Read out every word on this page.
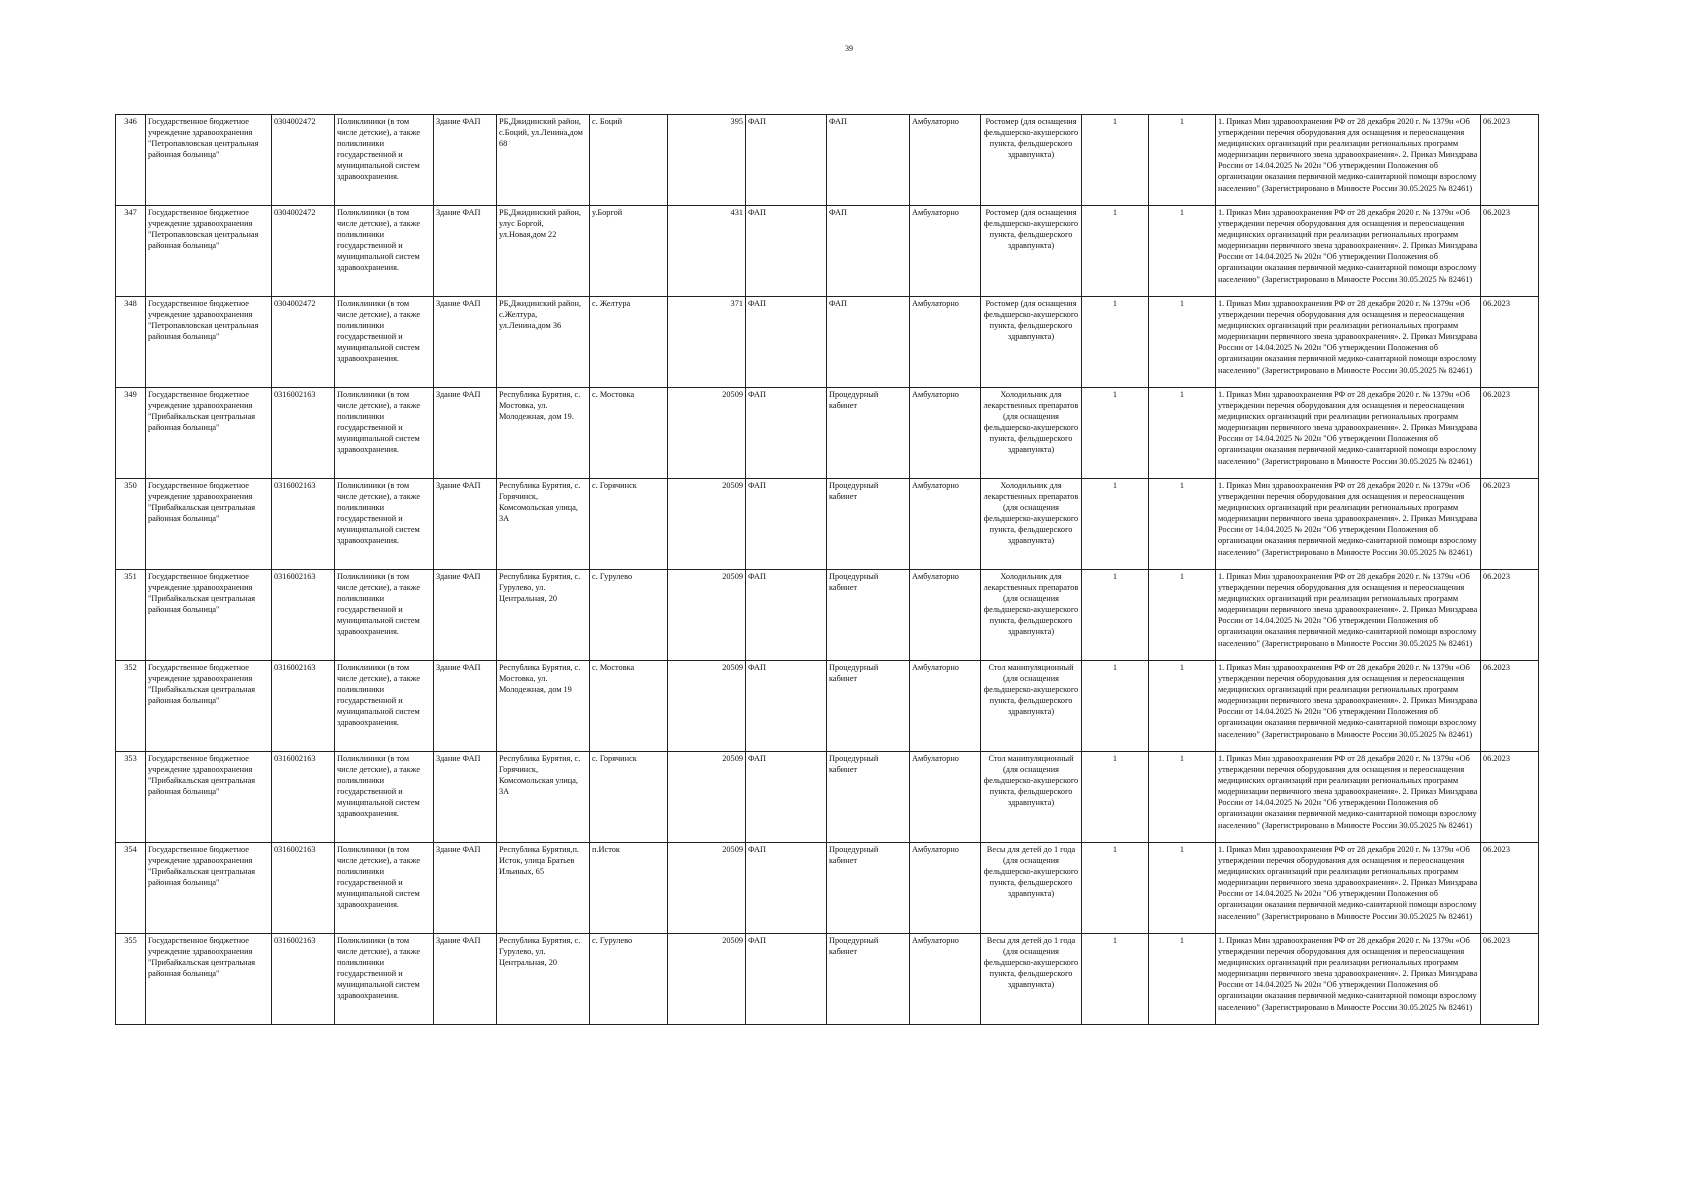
39
346	Государственное бюджетное учреждение здравоохранения "Петропавловская центральная районная больница"	0304002472	Поликлиники (в том числе детские), а также поликлиники государственной и муниципальной систем здравоохранения.	Здание ФАП	РБ,Джидинский район, с.Боций, ул.Ленина,дом 68	с. Боций	395	ФАП	ФАП	Амбулаторно	Ростомер (для оснащения фельдшерско-акушерского пункта, фельдшерского здравпункта)	1	1	1. Приказ Мин здравоохранения РФ от 28 декабря 2020 г. № 1379н «Об утверждении перечня оборудования для оснащения и переоснащения медицинских организаций при реализации региональных программ модернизации первичного звена здравоохранения». 2. Приказ Минздрава России от 14.04.2025 № 202н "Об утверждении Положения об организации оказания первичной медико-санитарной помощи взрослому населению" (Зарегистрировано в Минюсте России 30.05.2025 № 82461)	06.2023
347	Государственное бюджетное учреждение здравоохранения "Петропавловская центральная районная больница"	0304002472	Поликлиники (в том числе детские), а также поликлиники государственной и муниципальной систем здравоохранения.	Здание ФАП	РБ,Джидинский район, улус Боргой, ул.Новая,дом 22	у.Боргой	431	ФАП	ФАП	Амбулаторно	Ростомер (для оснащения фельдшерско-акушерского пункта, фельдшерского здравпункта)	1	1	1. Приказ Мин здравоохранения РФ от 28 декабря 2020 г. № 1379н «Об утверждении перечня оборудования для оснащения и переоснащения медицинских организаций при реализации региональных программ модернизации первичного звена здравоохранения». 2. Приказ Минздрава России от 14.04.2025 № 202н "Об утверждении Положения об организации оказания первичной медико-санитарной помощи взрослому населению" (Зарегистрировано в Минюсте России 30.05.2025 № 82461)	06.2023
348	Государственное бюджетное учреждение здравоохранения "Петропавловская центральная районная больница"	0304002472	Поликлиники (в том числе детские), а также поликлиники государственной и муниципальной систем здравоохранения.	Здание ФАП	РБ,Джидинский район, с.Желтура, ул.Ленина,дом 36	с. Желтура	371	ФАП	ФАП	Амбулаторно	Ростомер (для оснащения фельдшерско-акушерского пункта, фельдшерского здравпункта)	1	1	1. Приказ Мин здравоохранения РФ от 28 декабря 2020 г. № 1379н «Об утверждении перечня оборудования для оснащения и переоснащения медицинских организаций при реализации региональных программ модернизации первичного звена здравоохранения». 2. Приказ Минздрава России от 14.04.2025 № 202н "Об утверждении Положения об организации оказания первичной медико-санитарной помощи взрослому населению" (Зарегистрировано в Минюсте России 30.05.2025 № 82461)	06.2023
349	Государственное бюджетное учреждение здравоохранения "Прибайкальская центральная районная больница"	0316002163	Поликлиники (в том числе детские), а также поликлиники государственной и муниципальной систем здравоохранения.	Здание ФАП	Республика Бурятия, с. Мостовка, ул. Молодежная, дом 19.	с. Мостовка	20509	ФАП	Процедурный кабинет	Амбулаторно	Холодильник для лекарственных препаратов (для оснащения фельдшерско-акушерского пункта, фельдшерского здравпункта)	1	1	1. Приказ Мин здравоохранения РФ от 28 декабря 2020 г. № 1379н «Об утверждении перечня оборудования для оснащения и переоснащения медицинских организаций при реализации региональных программ модернизации первичного звена здравоохранения». 2. Приказ Минздрава России от 14.04.2025 № 202н "Об утверждении Положения об организации оказания первичной медико-санитарной помощи взрослому населению" (Зарегистрировано в Минюсте России 30.05.2025 № 82461)	06.2023
350	Государственное бюджетное учреждение здравоохранения "Прибайкальская центральная районная больница"	0316002163	Поликлиники (в том числе детские), а также поликлиники государственной и муниципальной систем здравоохранения.	Здание ФАП	Республика Бурятия, с. Горячинск, Комсомольская улица, 3А	с. Горячинск	20509	ФАП	Процедурный кабинет	Амбулаторно	Холодильник для лекарственных препаратов (для оснащения фельдшерско-акушерского пункта, фельдшерского здравпункта)	1	1	1. Приказ Мин здравоохранения РФ от 28 декабря 2020 г. № 1379н «Об утверждении перечня оборудования для оснащения и переоснащения медицинских организаций при реализации региональных программ модернизации первичного звена здравоохранения». 2. Приказ Минздрава России от 14.04.2025 № 202н "Об утверждении Положения об организации оказания первичной медико-санитарной помощи взрослому населению" (Зарегистрировано в Минюсте России 30.05.2025 № 82461)	06.2023
351	Государственное бюджетное учреждение здравоохранения "Прибайкальская центральная районная больница"	0316002163	Поликлиники (в том числе детские), а также поликлиники государственной и муниципальной систем здравоохранения.	Здание ФАП	Республика Бурятия, с. Гурулево, ул. Центральная, 20	с. Гурулево	20509	ФАП	Процедурный кабинет	Амбулаторно	Холодильник для лекарственных препаратов (для оснащения фельдшерско-акушерского пункта, фельдшерского здравпункта)	1	1	1. Приказ Мин здравоохранения РФ от 28 декабря 2020 г. № 1379н «Об утверждении перечня оборудования для оснащения и переоснащения медицинских организаций при реализации региональных программ модернизации первичного звена здравоохранения». 2. Приказ Минздрава России от 14.04.2025 № 202н "Об утверждении Положения об организации оказания первичной медико-санитарной помощи взрослому населению" (Зарегистрировано в Минюсте России 30.05.2025 № 82461)	06.2023
352	Государственное бюджетное учреждение здравоохранения "Прибайкальская центральная районная больница"	0316002163	Поликлиники (в том числе детские), а также поликлиники государственной и муниципальной систем здравоохранения.	Здание ФАП	Республика Бурятия, с. Мостовка, ул. Молодежная, дом 19	с. Мостовка	20509	ФАП	Процедурный кабинет	Амбулаторно	Стол манипуляционный (для оснащения фельдшерско-акушерского пункта, фельдшерского здравпункта)	1	1	1. Приказ Мин здравоохранения РФ от 28 декабря 2020 г. № 1379н «Об утверждении перечня оборудования для оснащения и переоснащения медицинских организаций при реализации региональных программ модернизации первичного звена здравоохранения». 2. Приказ Минздрава России от 14.04.2025 № 202н "Об утверждении Положения об организации оказания первичной медико-санитарной помощи взрослому населению" (Зарегистрировано в Минюсте России 30.05.2025 № 82461)	06.2023
353	Государственное бюджетное учреждение здравоохранения "Прибайкальская центральная районная больница"	0316002163	Поликлиники (в том числе детские), а также поликлиники государственной и муниципальной систем здравоохранения.	Здание ФАП	Республика Бурятия, с. Горячинск, Комсомольская улица, 3А	с. Горячинск	20509	ФАП	Процедурный кабинет	Амбулаторно	Стол манипуляционный (для оснащения фельдшерско-акушерского пункта, фельдшерского здравпункта)	1	1	1. Приказ Мин здравоохранения РФ от 28 декабря 2020 г. № 1379н «Об утверждении перечня оборудования для оснащения и переоснащения медицинских организаций при реализации региональных программ модернизации первичного звена здравоохранения». 2. Приказ Минздрава России от 14.04.2025 № 202н "Об утверждении Положения об организации оказания первичной медико-санитарной помощи взрослому населению" (Зарегистрировано в Минюсте России 30.05.2025 № 82461)	06.2023
354	Государственное бюджетное учреждение здравоохранения "Прибайкальская центральная районная больница"	0316002163	Поликлиники (в том числе детские), а также поликлиники государственной и муниципальной систем здравоохранения.	Здание ФАП	Республика Бурятия,п. Исток, улица Братьев Ильиных, 65	п.Исток	20509	ФАП	Процедурный кабинет	Амбулаторно	Весы для детей до 1 года (для оснащения фельдшерско-акушерского пункта, фельдшерского здравпункта)	1	1	1. Приказ Мин здравоохранения РФ от 28 декабря 2020 г. № 1379н «Об утверждении перечня оборудования для оснащения и переоснащения медицинских организаций при реализации региональных программ модернизации первичного звена здравоохранения». 2. Приказ Минздрава России от 14.04.2025 № 202н "Об утверждении Положения об организации оказания первичной медико-санитарной помощи взрослому населению" (Зарегистрировано в Минюсте России 30.05.2025 № 82461)	06.2023
355	Государственное бюджетное учреждение здравоохранения "Прибайкальская центральная районная больница"	0316002163	Поликлиники (в том числе детские), а также поликлиники государственной и муниципальной систем здравоохранения.	Здание ФАП	Республика Бурятия, с. Гурулево, ул. Центральная, 20	с. Гурулево	20509	ФАП	Процедурный кабинет	Амбулаторно	Весы для детей до 1 года (для оснащения фельдшерско-акушерского пункта, фельдшерского здравпункта)	1	1	1. Приказ Мин здравоохранения РФ от 28 декабря 2020 г. № 1379н «Об утверждении перечня оборудования для оснащения и переоснащения медицинских организаций при реализации региональных программ модернизации первичного звена здравоохранения». 2. Приказ Минздрава России от 14.04.2025 № 202н "Об утверждении Положения об организации оказания первичной медико-санитарной помощи взрослому населению" (Зарегистрировано в Минюсте России 30.05.2025 № 82461)	06.2023
